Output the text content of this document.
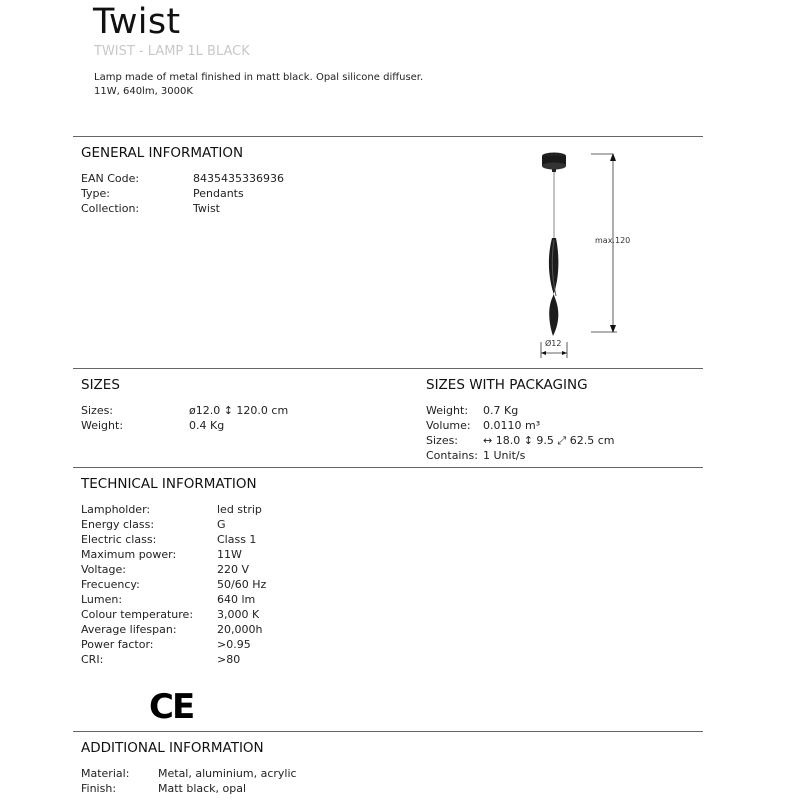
Twist
TWIST - LAMP 1L BLACK
Lamp made of metal finished in matt black. Opal silicone diffuser. 11W, 640lm, 3000K
GENERAL INFORMATION
EAN Code:	8435435336936
Type:	Pendants
Collection:	Twist
max.120
Ø12
SIZES
Sizes:	ø12.0 ↕ 120.0 cm
Weight:	0.4 Kg
SIZES WITH PACKAGING
Weight: 0.7 Kg
Volume: 0.0110 m³
Sizes: ↔ 18.0 ↕ 9.5 ⤢ 62.5 cm
Contains: 1 Unit/s
TECHNICAL INFORMATION
Lampholder:	led strip
Energy class:	G
Electric class:	Class 1
Maximum power:	11W
Voltage:	220 V
Frecuency:	50/60 Hz
Lumen:	640 lm
Colour temperature: 3,000 K
Average lifespan:	20,000h
Power factor:	>0.95
CRI:	>80
CE
ADDITIONAL INFORMATION
Material:	Metal, aluminium, acrylic
Finish:	Matt black, opal
